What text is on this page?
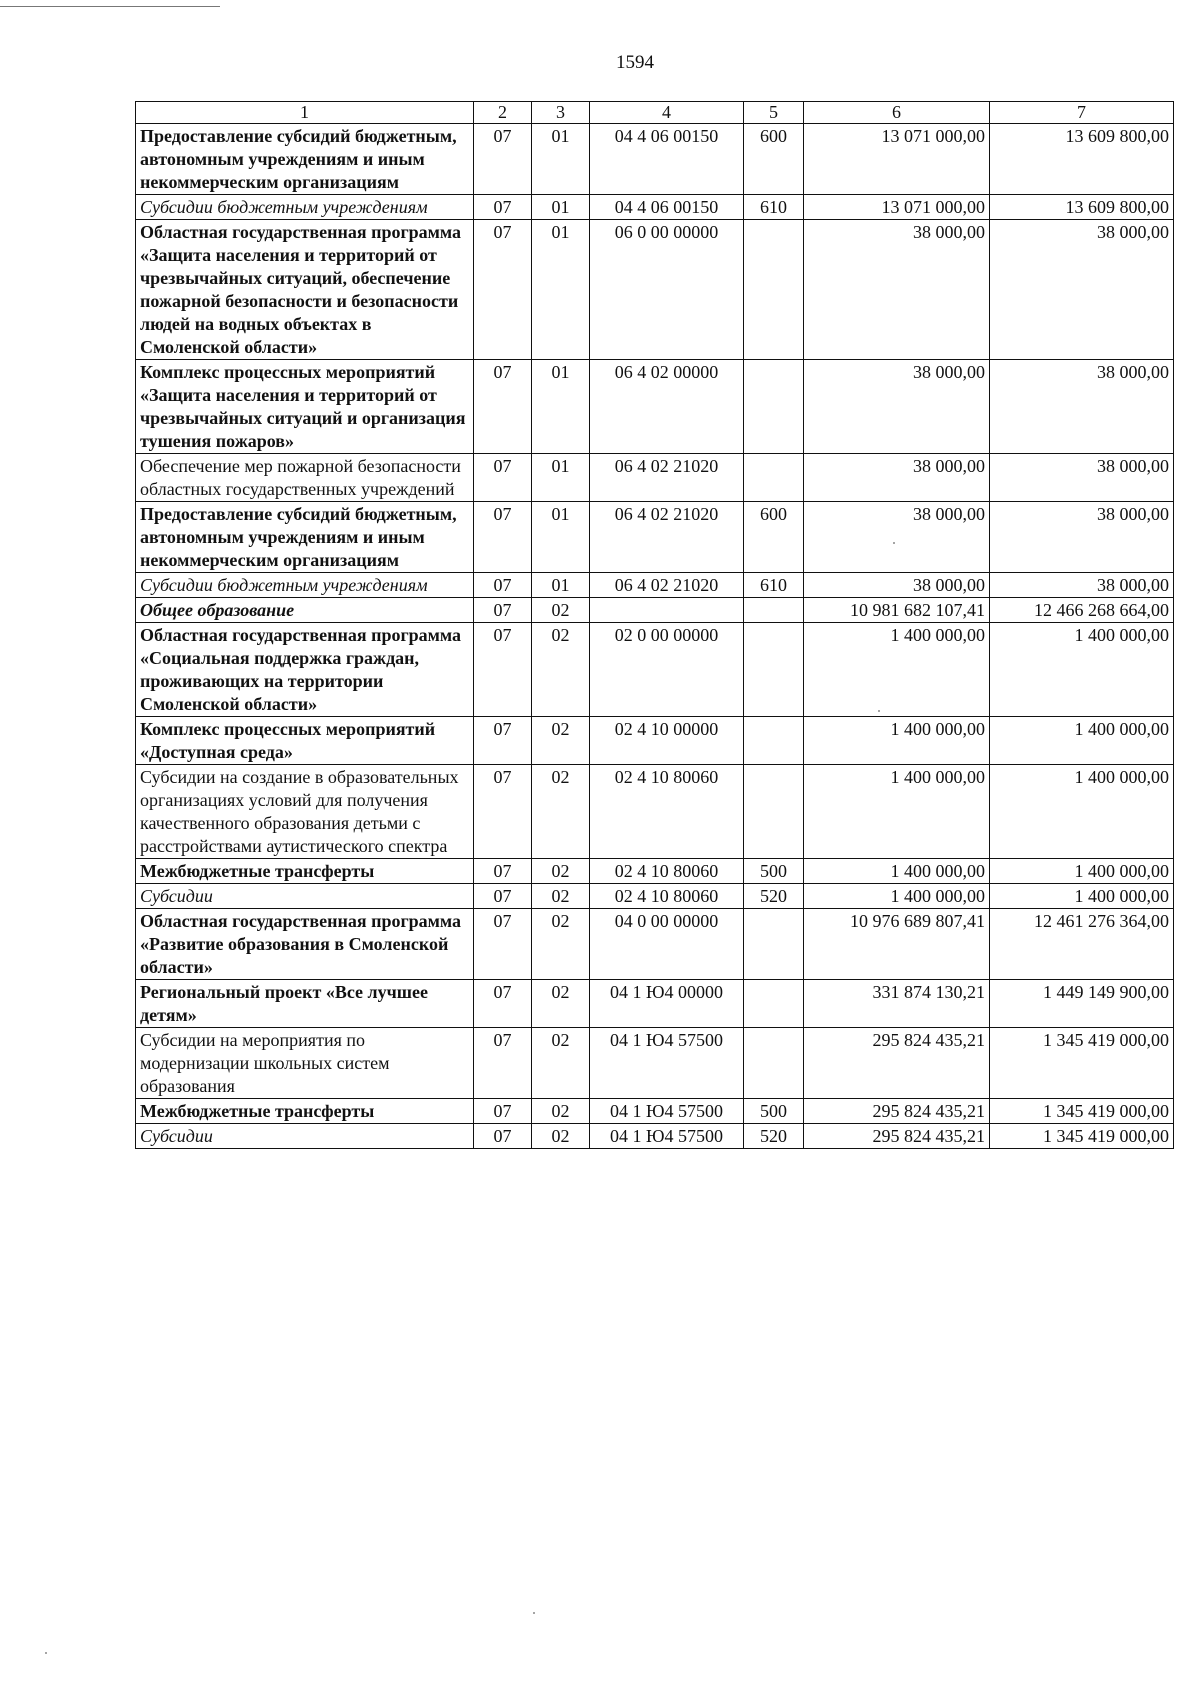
1594
1	2	3	4	5	6	7
Предоставление субсидий бюджетным, автономным учреждениям и иным некоммерческим организациям	07	01	04 4 06 00150	600	13 071 000,00	13 609 800,00
Субсидии бюджетным учреждениям	07	01	04 4 06 00150	610	13 071 000,00	13 609 800,00
Областная государственная программа «Защита населения и территорий от чрезвычайных ситуаций, обеспечение пожарной безопасности и безопасности людей на водных объектах в Смоленской области»	07	01	06 0 00 00000		38 000,00	38 000,00
Комплекс процессных мероприятий «Защита населения и территорий от чрезвычайных ситуаций и организация тушения пожаров»	07	01	06 4 02 00000		38 000,00	38 000,00
Обеспечение мер пожарной безопасности областных государственных учреждений	07	01	06 4 02 21020		38 000,00	38 000,00
Предоставление субсидий бюджетным, автономным учреждениям и иным некоммерческим организациям	07	01	06 4 02 21020	600	38 000,00	38 000,00
Субсидии бюджетным учреждениям	07	01	06 4 02 21020	610	38 000,00	38 000,00
Общее образование	07	02			10 981 682 107,41	12 466 268 664,00
Областная государственная программа «Социальная поддержка граждан, проживающих на территории Смоленской области»	07	02	02 0 00 00000		1 400 000,00	1 400 000,00
Комплекс процессных мероприятий «Доступная среда»	07	02	02 4 10 00000		1 400 000,00	1 400 000,00
Субсидии на создание в образовательных организациях условий для получения качественного образования детьми с расстройствами аутистического спектра	07	02	02 4 10 80060		1 400 000,00	1 400 000,00
Межбюджетные трансферты	07	02	02 4 10 80060	500	1 400 000,00	1 400 000,00
Субсидии	07	02	02 4 10 80060	520	1 400 000,00	1 400 000,00
Областная государственная программа «Развитие образования в Смоленской области»	07	02	04 0 00 00000		10 976 689 807,41	12 461 276 364,00
Региональный проект «Все лучшее детям»	07	02	04 1 Ю4 00000		331 874 130,21	1 449 149 900,00
Субсидии на мероприятия по модернизации школьных систем образования	07	02	04 1 Ю4 57500		295 824 435,21	1 345 419 000,00
Межбюджетные трансферты	07	02	04 1 Ю4 57500	500	295 824 435,21	1 345 419 000,00
Субсидии	07	02	04 1 Ю4 57500	520	295 824 435,21	1 345 419 000,00
